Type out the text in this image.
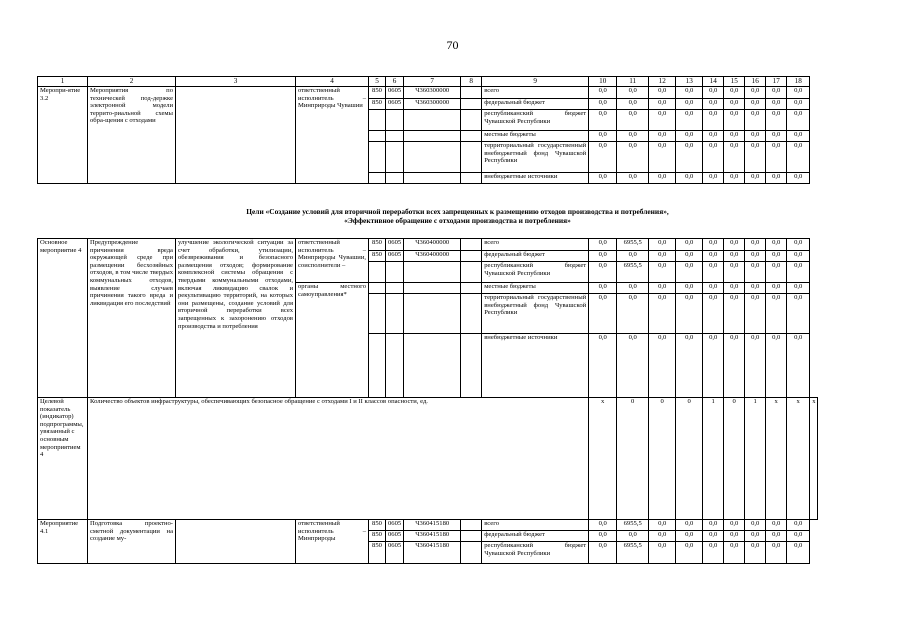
70
1	2	3	4	5	6	7	8	9	10	11	12	13	14	15	16	17	18
Меропри-ятие 3.2	Мероприятия по техническей под-держке электронной модели террито-риальной схемы обра-щения с отходами		ответственный исполнитель – Минприроды Чувашии	850	0605	Ч360300000		всего	0,0	0,0	0,0	0,0	0,0	0,0	0,0	0,0	0,0
				850	0605	Ч360300000		федеральный бюджет	0,0	0,0	0,0	0,0	0,0	0,0	0,0	0,0	0,0
								республиканский бюджет Чувашской Республики	0,0	0,0	0,0	0,0	0,0	0,0	0,0	0,0	0,0
								местные бюджеты	0,0	0,0	0,0	0,0	0,0	0,0	0,0	0,0	0,0
								территориальный государственный внебюджетный фонд Чувашской Республики	0,0	0,0	0,0	0,0	0,0	0,0	0,0	0,0	0,0
								внебюджетные источники	0,0	0,0	0,0	0,0	0,0	0,0	0,0	0,0	0,0
Цели «Создание условий для вторичной переработки всех запрещенных к размещению отходов производства и потребления»,
«Эффективное обращение с отходами производства и потребления»
Основное мероприятие 4	Предупреждение причинения вреда окружающей среде при размещении бесхозяйных отходов, в том числе твердых коммунальных отходов, выявление случаев причинения такого вреда и ликвидация его последствий	улучшение экологической ситуации за счет обработки, утилизации, обезвреживания и безопасного размещения отходов; формирование комплексной системы обращения с твердыми коммунальными отходами, включая ликвидацию свалок и рекультивацию территорий, на которых они размещены, создание условий для вторичной переработки всех запрещенных к захоронению отходов производства и потребления	ответственный исполнитель – Минприроды Чувашии, соисполнители –	850	0605	Ч360400000		всего	0,0	6955,5	0,0	0,0	0,0	0,0	0,0	0,0	0,0	
				850	0605	Ч360400000		федеральный бюджет	0,0	0,0	0,0	0,0	0,0	0,0	0,0	0,0	0,0	
								республиканский бюджет Чувашской Республики	0,0	6955,5	0,0	0,0	0,0	0,0	0,0	0,0	0,0	
			органы местного самоуправления*					местные бюджеты	0,0	0,0	0,0	0,0	0,0	0,0	0,0	0,0	0,0	
								территориальный государственный внебюджетный фонд Чувашской Республики	0,0	0,0	0,0	0,0	0,0	0,0	0,0	0,0	0,0	
								внебюджетные источники	0,0	0,0	0,0	0,0	0,0	0,0	0,0	0,0	0,0	
Целевой показатель (индикатор) подпрограммы, увязанный с основным мероприятием 4	Количество объектов инфраструктуры, обеспечивающих безопасное обращение с отходами I и II классов опасности, ед.								х	0	0	0	1	0	1	х	х	х
Мероприятие 4.1	Подготовка проектно-сметной документации на создание му-		ответственный исполнитель – Минприроды	850	0605	Ч360415180		всего	0,0	6955,5	0,0	0,0	0,0	0,0	0,0	0,0	0,0	
				850	0605	Ч360415180		федеральный бюджет	0,0	0,0	0,0	0,0	0,0	0,0	0,0	0,0	0,0	
				850	0605	Ч360415180		республиканский бюджет Чувашской Республики	0,0	6955,5	0,0	0,0	0,0	0,0	0,0	0,0	0,0	
